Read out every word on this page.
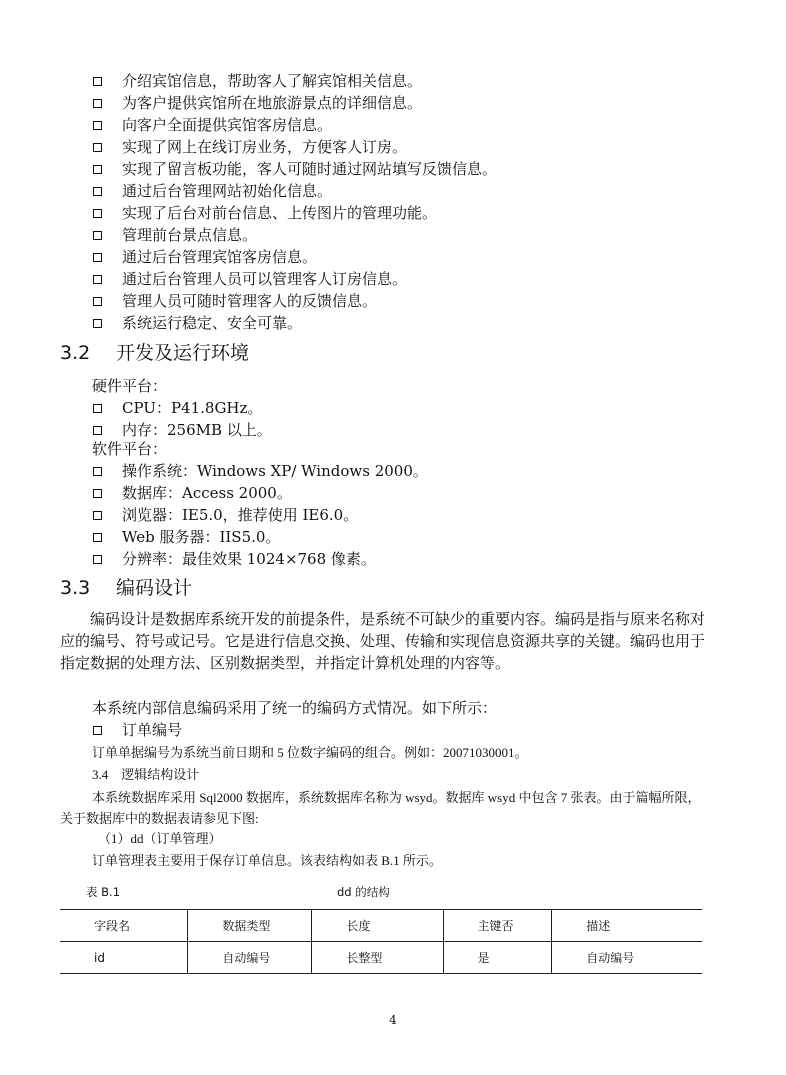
介绍宾馆信息，帮助客人了解宾馆相关信息。
为客户提供宾馆所在地旅游景点的详细信息。
向客户全面提供宾馆客房信息。
实现了网上在线订房业务，方便客人订房。
实现了留言板功能，客人可随时通过网站填写反馈信息。
通过后台管理网站初始化信息。
实现了后台对前台信息、上传图片的管理功能。
管理前台景点信息。
通过后台管理宾馆客房信息。
通过后台管理人员可以管理客人订房信息。
管理人员可随时管理客人的反馈信息。
系统运行稳定、安全可靠。
3.2 开发及运行环境
硬件平台：
CPU：P41.8GHz。
内存：256MB 以上。
软件平台：
操作系统：Windows XP/ Windows 2000。
数据库：Access 2000。
浏览器：IE5.0，推荐使用 IE6.0。
Web 服务器：IIS5.0。
分辨率：最佳效果 1024×768 像素。
3.3 编码设计
编码设计是数据库系统开发的前提条件，是系统不可缺少的重要内容。编码是指与原来名称对应的编号、符号或记号。它是进行信息交换、处理、传输和实现信息资源共享的关键。编码也用于指定数据的处理方法、区别数据类型，并指定计算机处理的内容等。
本系统内部信息编码采用了统一的编码方式情况。如下所示：
订单编号
订单单据编号为系统当前日期和 5 位数字编码的组合。例如：20071030001。
3.4　逻辑结构设计
本系统数据库采用 Sql2000 数据库，系统数据库名称为 wsyd。数据库 wsyd 中包含 7 张表。由于篇幅所限，关于数据库中的数据表请参见下图:
（1）dd（订单管理）
订单管理表主要用于保存订单信息。该表结构如表 B.1 所示。
表 B.1	dd 的结构
字段名	数据类型	长度	主键否	描述
id	自动编号	长整型	是	自动编号
4
